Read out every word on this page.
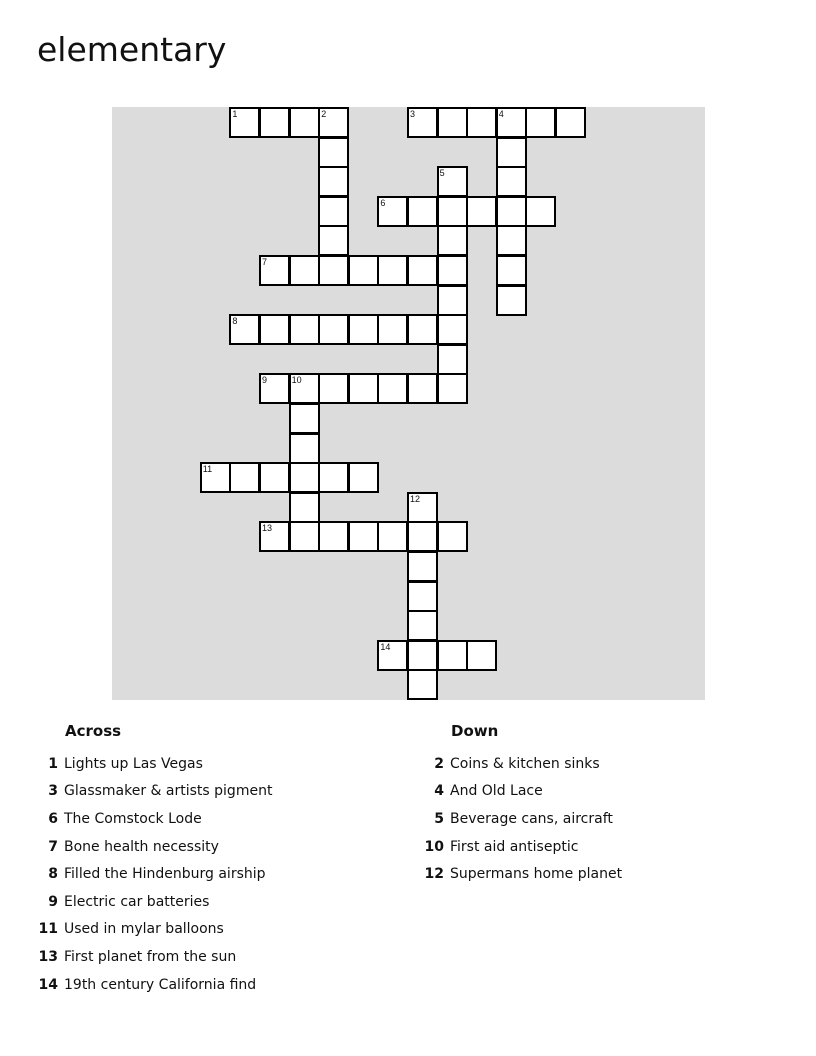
elementary
1	2	3	4
5
6
7
8
9	10
11
12
13
14
Across
1 Lights up Las Vegas
3 Glassmaker & artists pigment
6 The Comstock Lode
7 Bone health necessity
8 Filled the Hindenburg airship
9 Electric car batteries
11 Used in mylar balloons
13 First planet from the sun
14 19th century California find
Down
2 Coins & kitchen sinks
4 And Old Lace
5 Beverage cans, aircraft
10 First aid antiseptic
12 Supermans home planet
